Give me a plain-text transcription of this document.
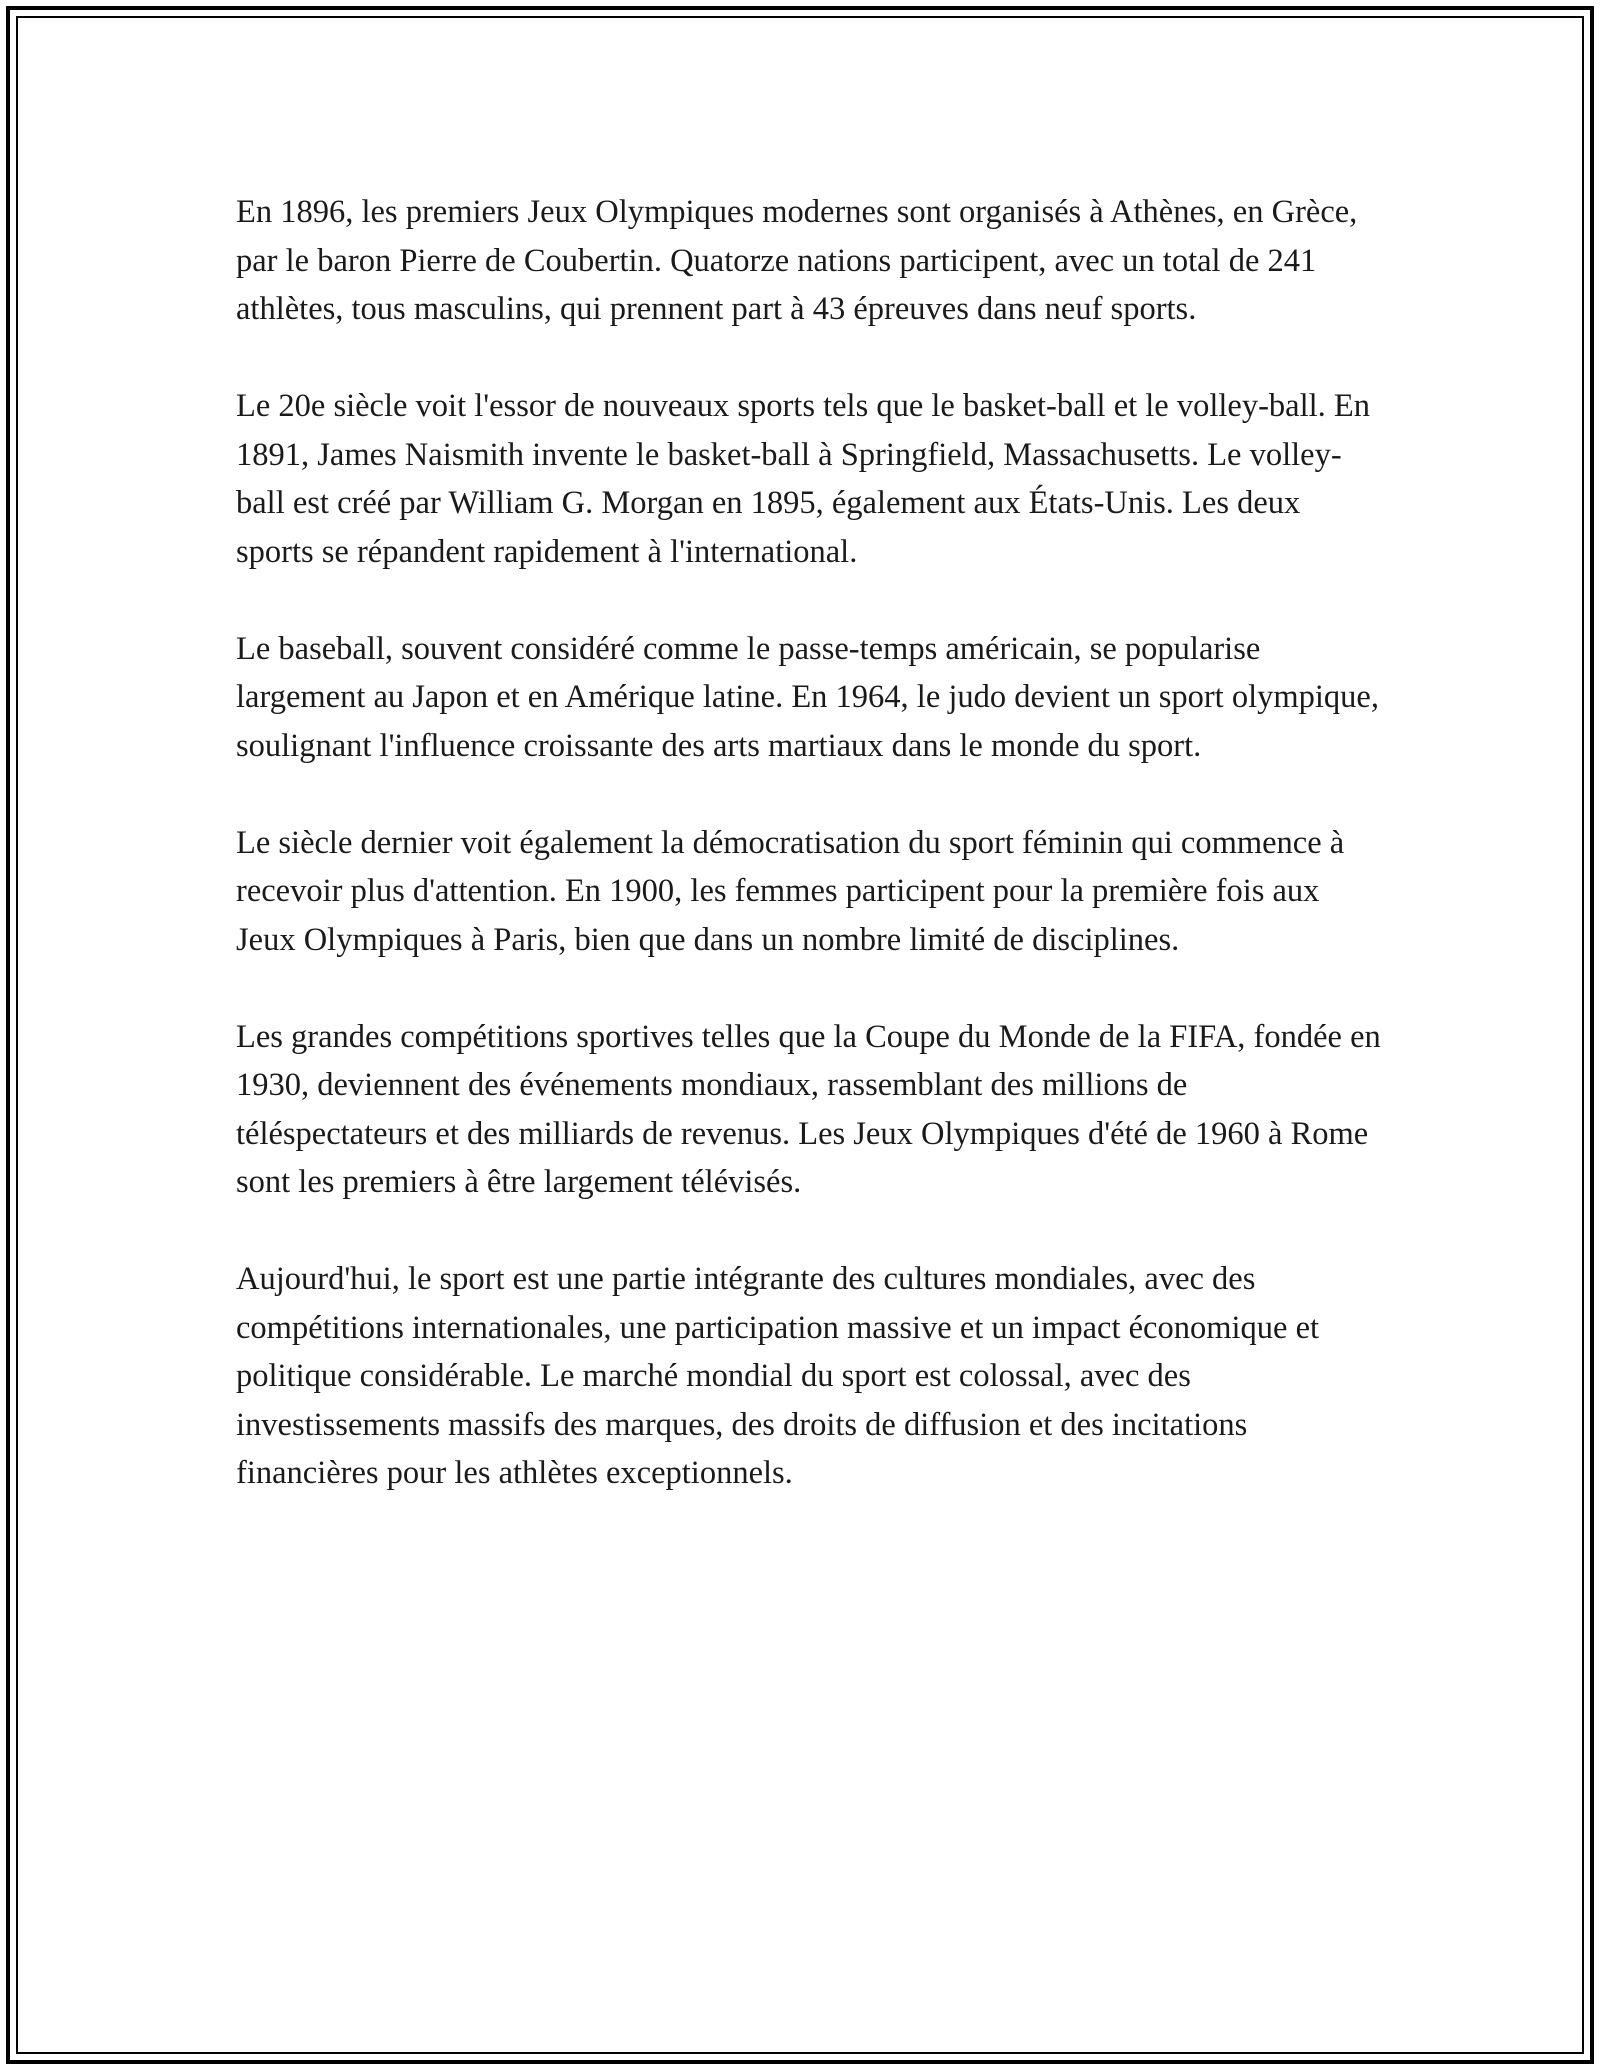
En 1896, les premiers Jeux Olympiques modernes sont organisés à Athènes, en Grèce, par le baron Pierre de Coubertin. Quatorze nations participent, avec un total de 241 athlètes, tous masculins, qui prennent part à 43 épreuves dans neuf sports.

Le 20e siècle voit l'essor de nouveaux sports tels que le basket-ball et le volley-ball. En 1891, James Naismith invente le basket-ball à Springfield, Massachusetts. Le volley-ball est créé par William G. Morgan en 1895, également aux États-Unis. Les deux sports se répandent rapidement à l'international.

Le baseball, souvent considéré comme le passe-temps américain, se popularise largement au Japon et en Amérique latine. En 1964, le judo devient un sport olympique, soulignant l'influence croissante des arts martiaux dans le monde du sport.

Le siècle dernier voit également la démocratisation du sport féminin qui commence à recevoir plus d'attention. En 1900, les femmes participent pour la première fois aux Jeux Olympiques à Paris, bien que dans un nombre limité de disciplines.

Les grandes compétitions sportives telles que la Coupe du Monde de la FIFA, fondée en 1930, deviennent des événements mondiaux, rassemblant des millions de téléspectateurs et des milliards de revenus. Les Jeux Olympiques d'été de 1960 à Rome sont les premiers à être largement télévisés.

Aujourd'hui, le sport est une partie intégrante des cultures mondiales, avec des compétitions internationales, une participation massive et un impact économique et politique considérable. Le marché mondial du sport est colossal, avec des investissements massifs des marques, des droits de diffusion et des incitations financières pour les athlètes exceptionnels.
